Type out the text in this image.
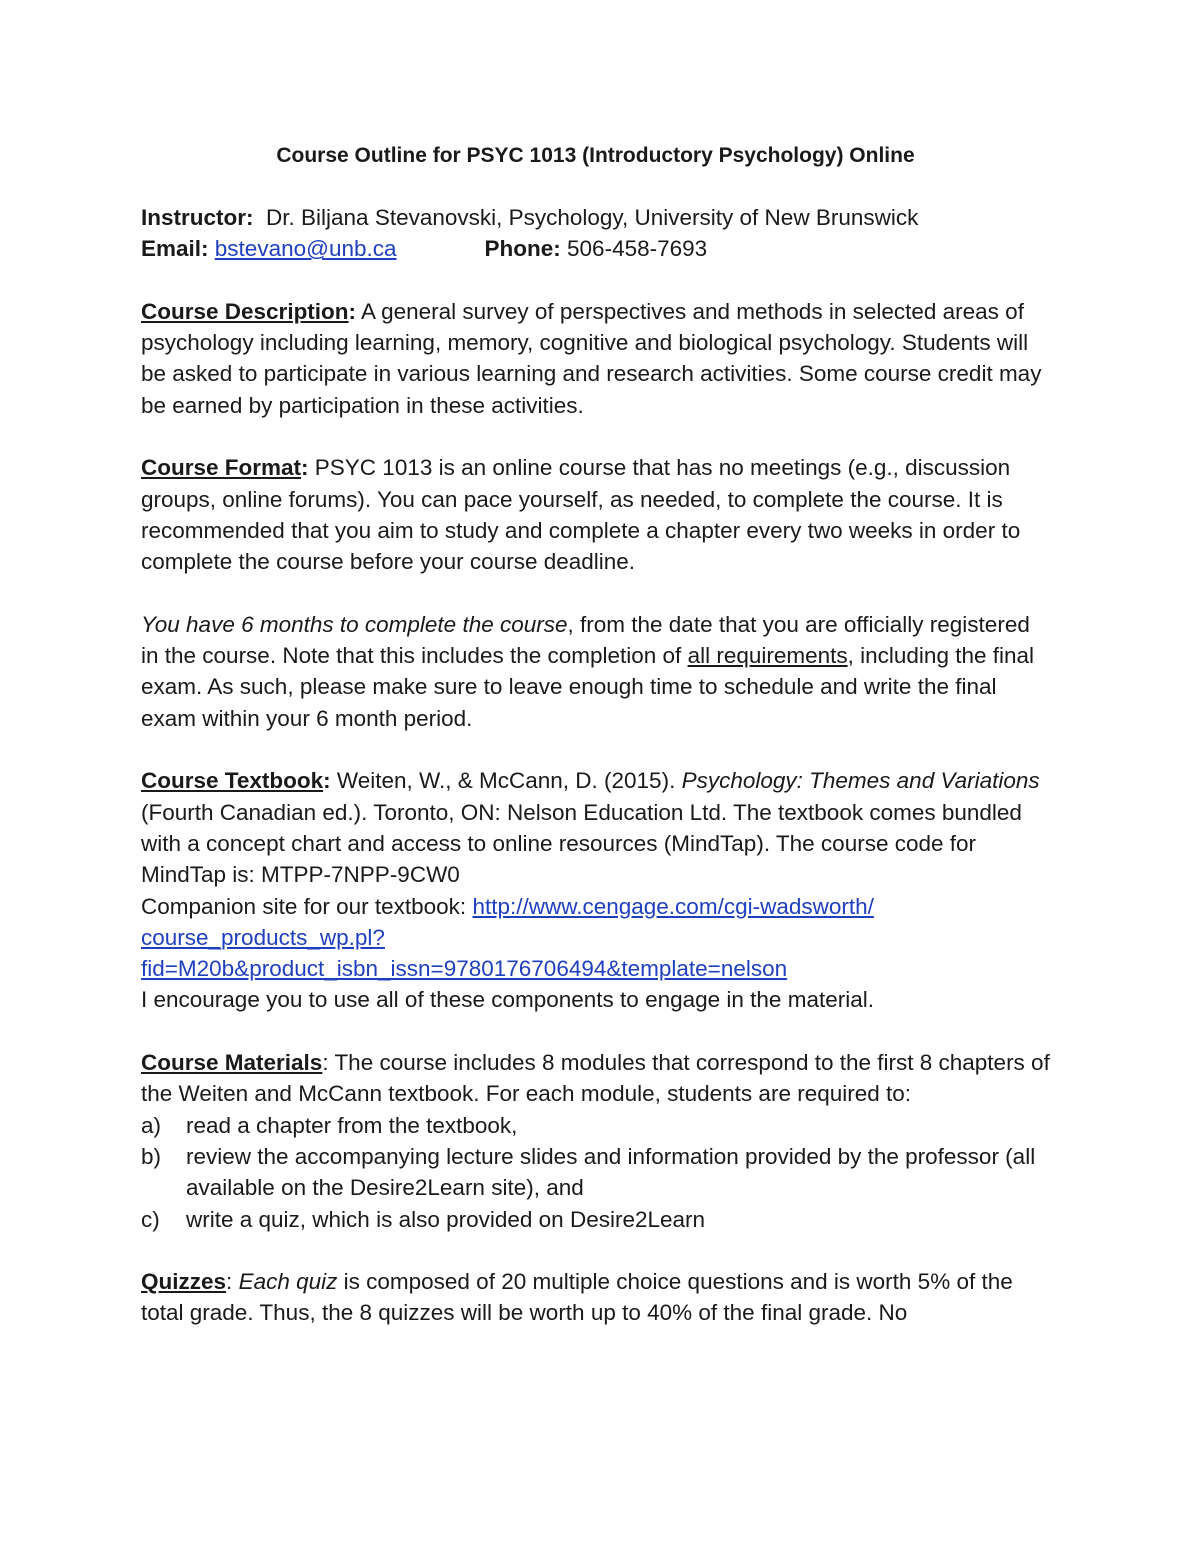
Course Outline for PSYC 1013 (Introductory Psychology) Online
Instructor: Dr. Biljana Stevanovski, Psychology, University of New Brunswick
Email: bstevano@unb.ca	Phone: 506-458-7693

Course Description: A general survey of perspectives and methods in selected areas of psychology including learning, memory, cognitive and biological psychology. Students will be asked to participate in various learning and research activities. Some course credit may be earned by participation in these activities.

Course Format: PSYC 1013 is an online course that has no meetings (e.g., discussion groups, online forums). You can pace yourself, as needed, to complete the course. It is recommended that you aim to study and complete a chapter every two weeks in order to complete the course before your course deadline.

You have 6 months to complete the course, from the date that you are officially registered in the course. Note that this includes the completion of all requirements, including the final exam. As such, please make sure to leave enough time to schedule and write the final exam within your 6 month period.

Course Textbook: Weiten, W., & McCann, D. (2015). Psychology: Themes and Variations (Fourth Canadian ed.). Toronto, ON: Nelson Education Ltd. The textbook comes bundled with a concept chart and access to online resources (MindTap). The course code for MindTap is: MTPP-7NPP-9CW0
Companion site for our textbook: http://www.cengage.com/cgi-wadsworth/
course_products_wp.pl?
fid=M20b&product_isbn_issn=9780176706494&template=nelson
I encourage you to use all of these components to engage in the material.

Course Materials: The course includes 8 modules that correspond to the first 8 chapters of the Weiten and McCann textbook. For each module, students are required to:

a) read a chapter from the textbook,
b) review the accompanying lecture slides and information provided by the professor (all available on the Desire2Learn site), and
c) write a quiz, which is also provided on Desire2Learn

Quizzes: Each quiz is composed of 20 multiple choice questions and is worth 5% of the total grade. Thus, the 8 quizzes will be worth up to 40% of the final grade. No
